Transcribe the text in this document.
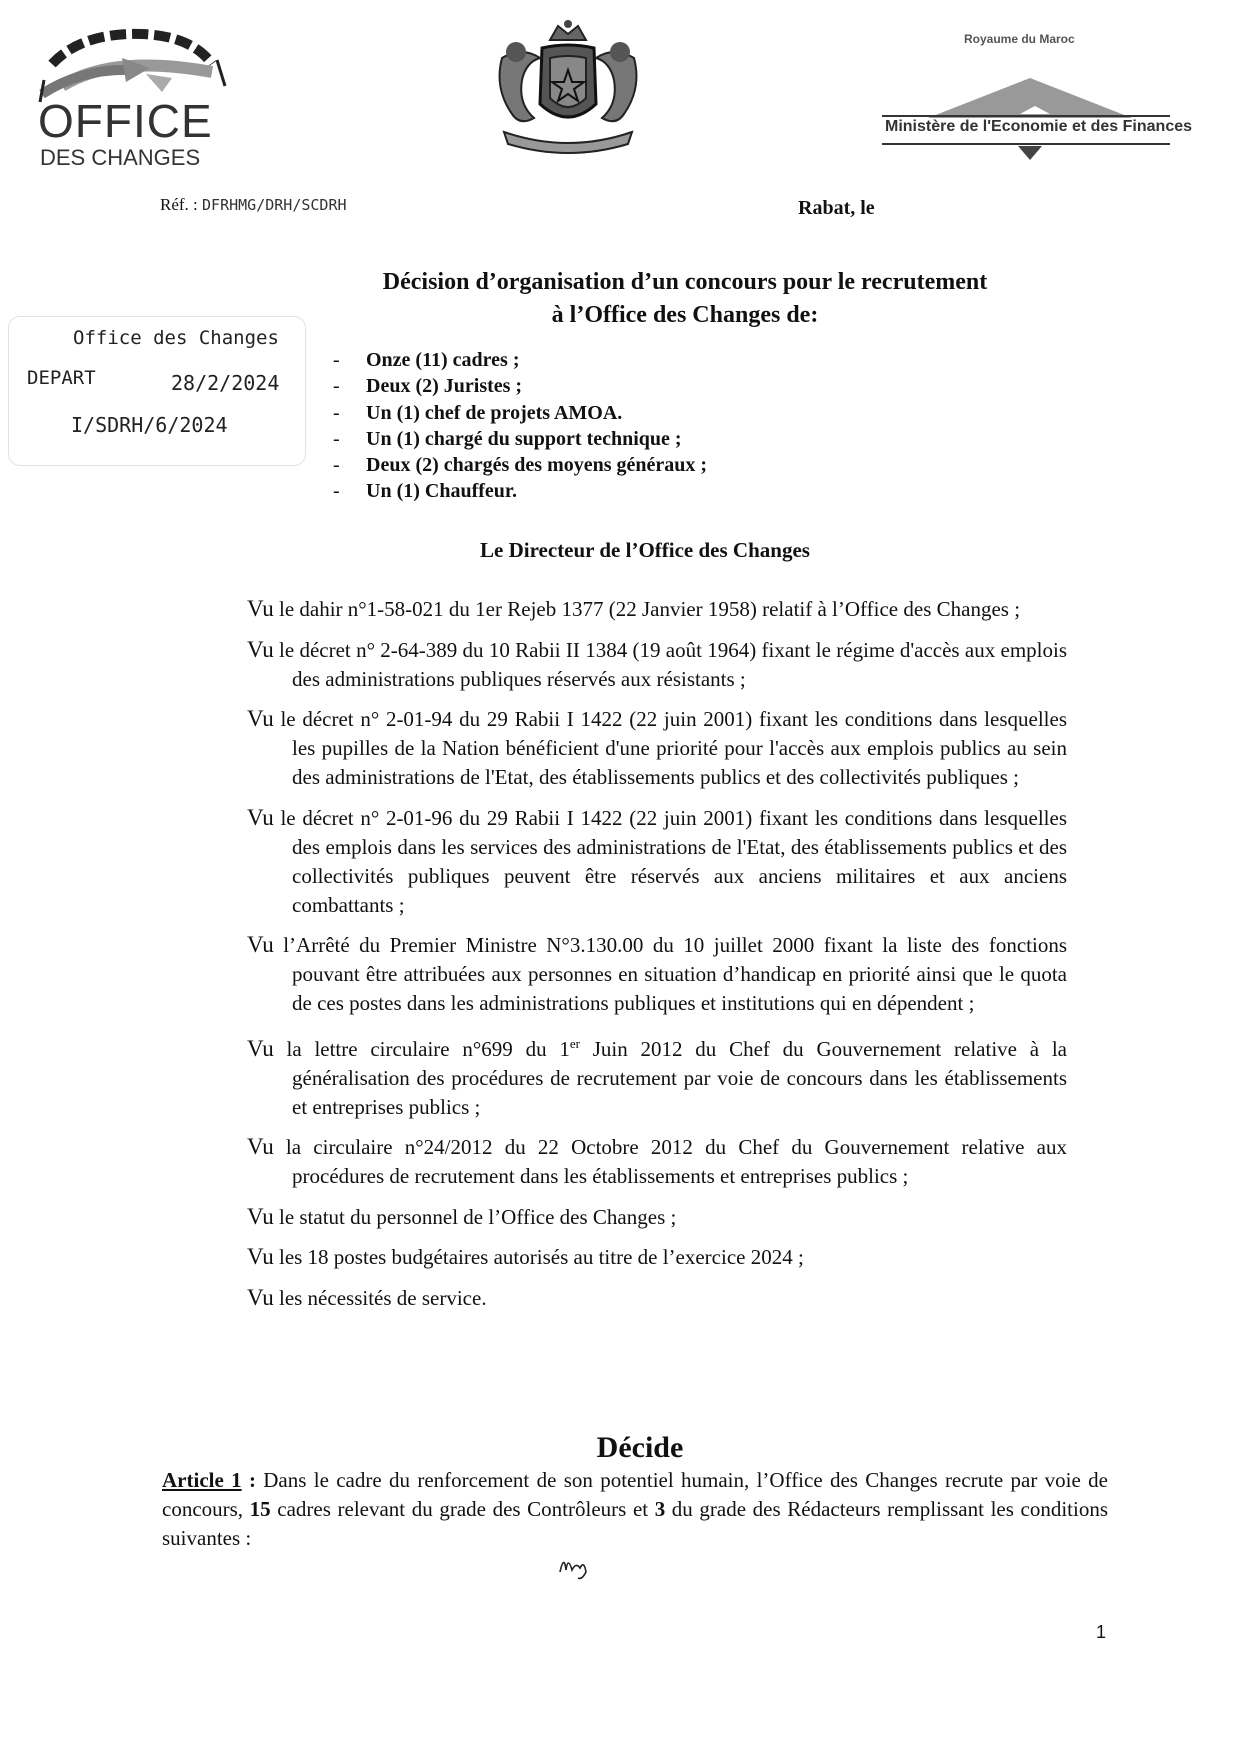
OFFICE
DES CHANGES
Royaume du Maroc
Ministère de l'Economie et des Finances
Réf. : DFRHMG/DRH/SCDRH	Rabat, le
Office des Changes
DEPART	28/2/2024
I/SDRH/6/2024
Décision d’organisation d’un concours pour le recrutement
à l’Office des Changes de:
- Onze (11) cadres ;
- Deux (2) Juristes ;
- Un (1) chef de projets AMOA.
- Un (1) chargé du support technique ;
- Deux (2) chargés des moyens généraux ;
- Un (1) Chauffeur.
Le Directeur de l’Office des Changes
Vu le dahir n°1-58-021 du 1er Rejeb 1377 (22 Janvier 1958) relatif à l’Office des Changes ;
Vu le décret n° 2-64-389 du 10 Rabii II 1384 (19 août 1964) fixant le régime d'accès aux emplois des administrations publiques réservés aux résistants ;
Vu le décret n° 2-01-94 du 29 Rabii I 1422 (22 juin 2001) fixant les conditions dans lesquelles les pupilles de la Nation bénéficient d'une priorité pour l'accès aux emplois publics au sein des administrations de l'Etat, des établissements publics et des collectivités publiques ;
Vu le décret n° 2-01-96 du 29 Rabii I 1422 (22 juin 2001) fixant les conditions dans lesquelles des emplois dans les services des administrations de l'Etat, des établissements publics et des collectivités publiques peuvent être réservés aux anciens militaires et aux anciens combattants ;
Vu l’Arrêté du Premier Ministre N°3.130.00 du 10 juillet 2000 fixant la liste des fonctions pouvant être attribuées aux personnes en situation d’handicap en priorité ainsi que le quota de ces postes dans les administrations publiques et institutions qui en dépendent ;
Vu la lettre circulaire n°699 du 1er Juin 2012 du Chef du Gouvernement relative à la généralisation des procédures de recrutement par voie de concours dans les établissements et entreprises publics ;
Vu la circulaire n°24/2012 du 22 Octobre 2012 du Chef du Gouvernement relative aux procédures de recrutement dans les établissements et entreprises publics ;
Vu le statut du personnel de l’Office des Changes ;
Vu les 18 postes budgétaires autorisés au titre de l’exercice 2024 ;
Vu les nécessités de service.
Décide
Article 1 : Dans le cadre du renforcement de son potentiel humain, l’Office des Changes recrute par voie de concours, 15 cadres relevant du grade des Contrôleurs et 3 du grade des Rédacteurs remplissant les conditions suivantes :
1
